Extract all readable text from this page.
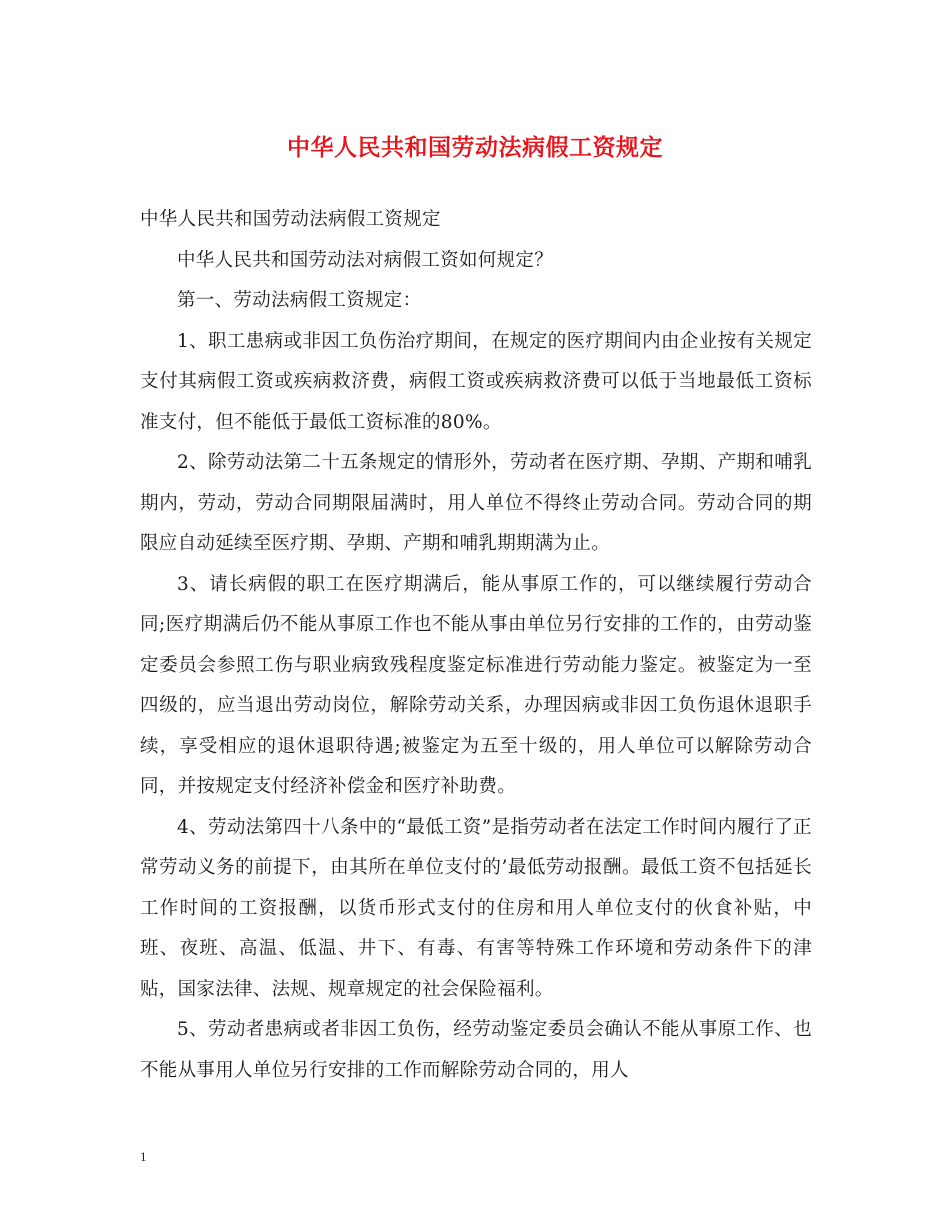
中华人民共和国劳动法病假工资规定

中华人民共和国劳动法病假工资规定

中华人民共和国劳动法对病假工资如何规定？

第一、劳动法病假工资规定：

1、职工患病或非因工负伤治疗期间，在规定的医疗期间内由企业按有关规定支付其病假工资或疾病救济费，病假工资或疾病救济费可以低于当地最低工资标准支付，但不能低于最低工资标准的80%。

2、除劳动法第二十五条规定的情形外，劳动者在医疗期、孕期、产期和哺乳期内，劳动，劳动合同期限届满时，用人单位不得终止劳动合同。劳动合同的期限应自动延续至医疗期、孕期、产期和哺乳期期满为止。

3、请长病假的职工在医疗期满后，能从事原工作的，可以继续履行劳动合同;医疗期满后仍不能从事原工作也不能从事由单位另行安排的工作的，由劳动鉴定委员会参照工伤与职业病致残程度鉴定标准进行劳动能力鉴定。被鉴定为一至四级的，应当退出劳动岗位，解除劳动关系，办理因病或非因工负伤退休退职手续，享受相应的退休退职待遇;被鉴定为五至十级的，用人单位可以解除劳动合同，并按规定支付经济补偿金和医疗补助费。

4、劳动法第四十八条中的“最低工资”是指劳动者在法定工作时间内履行了正常劳动义务的前提下，由其所在单位支付的’最低劳动报酬。最低工资不包括延长工作时间的工资报酬，以货币形式支付的住房和用人单位支付的伙食补贴，中班、夜班、高温、低温、井下、有毒、有害等特殊工作环境和劳动条件下的津贴，国家法律、法规、规章规定的社会保险福利。

5、劳动者患病或者非因工负伤，经劳动鉴定委员会确认不能从事原工作、也不能从事用人单位另行安排的工作而解除劳动合同的，用人

1
